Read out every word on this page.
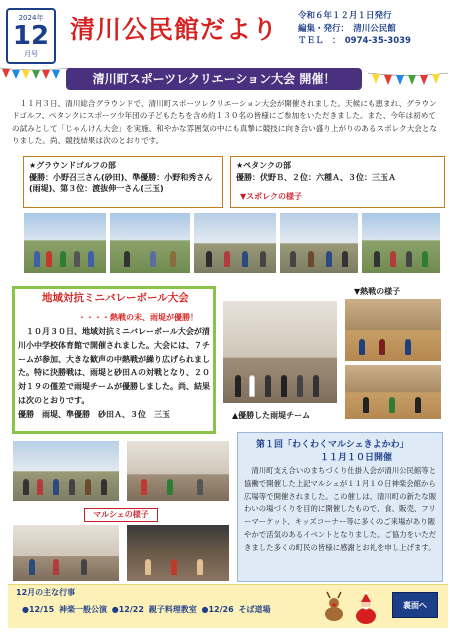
2024年
12
月号
清川公民館だより 令和６年１２月１日発行
編集・発行：　清川公民館
ＴＥＬ　：　0974-35-3039
清川町スポーツレクリエーション大会 開催！

１１月３日、清川総合グラウンドで、清川町スポーツレクリエーション大会が開催されました。天候にも恵まれ、グラウンドゴルフ、ペタンクにスポーツ少年団の子どもたちを含め約１３０名の皆様にご参加をいただきました。また、今年は初めての試みとして「じゃんけん大会」を実施、和やかな雰囲気の中にも真摯に競技に向き合い盛り上がりのあるスポレク大会となりました。尚、競技結果は次のとおりです。

★グラウンドゴルフの部
優勝：小野召三さん(砂田)、準優勝：小野和秀さん(雨堤)、第３位：渡抜伸一さん(三玉)
★ペタンクの部
優勝：伏野Ｂ、２位：六種Ａ、３位：三玉Ａ
▼スポレクの様子
地域対抗ミニバレーボール大会
・・・・熱戦の末、雨堤が優勝！
１０月３０日、地域対抗ミニバレーボール大会が清川小中学校体育館で開催されました。大会には、７チームが参加、大きな歓声の中熱戦が繰り広げられました。特に決勝戦は、雨堤と砂田Ａの対戦となり、２０対１９の僅差で雨堤チームが優勝しました。尚、結果は次のとおりです。
優勝　雨堤、準優勝　砂田Ａ、３位　三玉
▼熱戦の様子
▲優勝した雨堤チーム
マルシェの様子
第１回「わくわくマルシェきよかわ」
１１月１０日開催

清川町支え合いのまちづくり仕掛人会が清川公民館等と協働で開催した上記マルシェが１１月１０日神楽会館から広場等で開催されました。この催しは、清川町の新たな賑わいの場づくりを目的に開催したもので、食、販売、フリーマーケット、キッズコーナー等に多くのご来場があり賑やかで活気のあるイベントとなりました。ご協力をいただきました多くの町民の皆様に感謝とお礼を申し上げます。

12月の主な行事
●12/15 神楽一般公演 ●12/22 親子料理教室 ●12/26 そば道場	裏面へ
